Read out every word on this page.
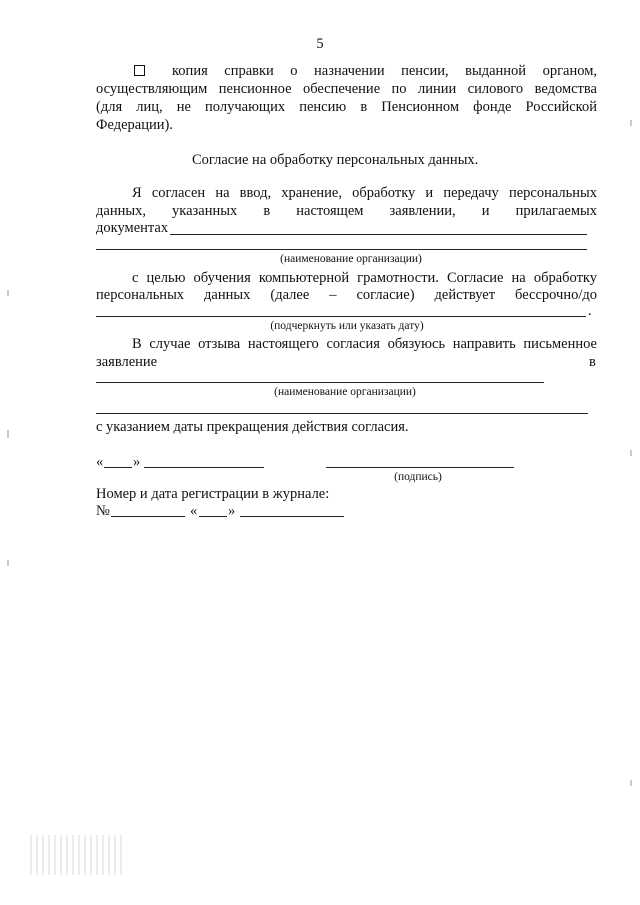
5
копия справки о назначении пенсии, выданной органом,
осуществляющим пенсионное обеспечение по линии силового ведомства
(для лиц, не получающих пенсию в Пенсионном фонде Российской
Федерации).
Согласие на обработку персональных данных.
Я согласен на ввод, хранение, обработку и передачу персональных
данных, указанных в настоящем заявлении, и прилагаемых
документах
(наименование организации)
с целью обучения компьютерной грамотности. Согласие на обработку
персональных данных (далее – согласие) действует бессрочно/до
.
(подчеркнуть или указать дату)
В случае отзыва настоящего согласия обязуюсь направить письменное
заявление	в
(наименование организации)
с указанием даты прекращения действия согласия.
« »
(подпись)
Номер и дата регистрации в журнале:
№	« »
